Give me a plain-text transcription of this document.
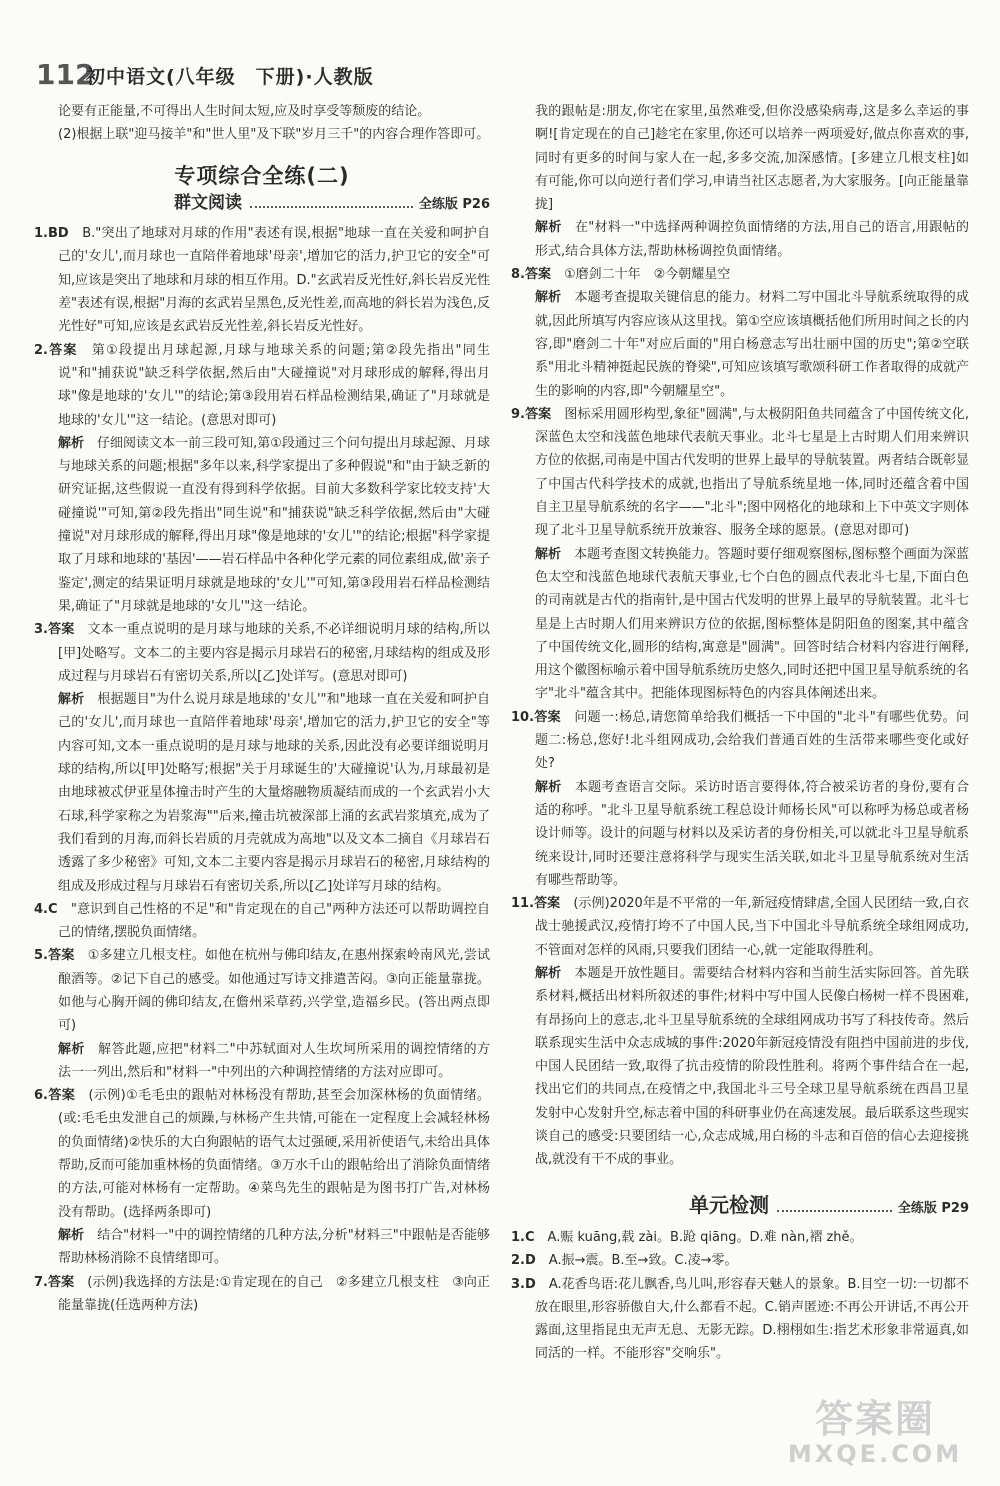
112
初中语文(八年级　下册)·人教版

论要有正能量,不可得出人生时间太短,应及时享受等颓废的结论。

(2)根据上联"迎马接羊"和"世人里"及下联"岁月三千"的内容合理作答即可。

专项综合全练(二)
群文阅读	全练版 P26

1.BD　 B."突出了地球对月球的作用"表述有误,根据"地球一直在关爱和呵护自己的'女儿',而月球也一直陪伴着地球'母亲',增加它的活力,护卫它的安全"可知,应该是突出了地球和月球的相互作用。D."玄武岩反光性好,斜长岩反光性差"表述有误,根据"月海的玄武岩呈黑色,反光性差,而高地的斜长岩为浅色,反光性好"可知,应该是玄武岩反光性差,斜长岩反光性好。

2.答案　 第①段提出月球起源,月球与地球关系的问题;第②段先指出"同生说"和"捕获说"缺乏科学依据,然后由"大碰撞说"对月球形成的解释,得出月球"像是地球的'女儿'"的结论;第③段用岩石样品检测结果,确证了"月球就是地球的'女儿'"这一结论。(意思对即可)

解析　 仔细阅读文本一前三段可知,第①段通过三个问句提出月球起源、月球与地球关系的问题;根据"多年以来,科学家提出了多种假说"和"由于缺乏新的研究证据,这些假说一直没有得到科学依据。目前大多数科学家比较支持'大碰撞说'"可知,第②段先指出"同生说"和"捕获说"缺乏科学依据,然后由"大碰撞说"对月球形成的解释,得出月球"像是地球的'女儿'"的结论;根据"科学家提取了月球和地球的'基因'——岩石样品中各种化学元素的同位素组成,做'亲子鉴定',测定的结果证明月球就是地球的'女儿'"可知,第③段用岩石样品检测结果,确证了"月球就是地球的'女儿'"这一结论。

3.答案　 文本一重点说明的是月球与地球的关系,不必详细说明月球的结构,所以[甲]处略写。文本二的主要内容是揭示月球岩石的秘密,月球结构的组成及形成过程与月球岩石有密切关系,所以[乙]处详写。(意思对即可)

解析　 根据题目"为什么说月球是地球的'女儿'"和"地球一直在关爱和呵护自己的'女儿',而月球也一直陪伴着地球'母亲',增加它的活力,护卫它的安全"等内容可知,文本一重点说明的是月球与地球的关系,因此没有必要详细说明月球的结构,所以[甲]处略写;根据"关于月球诞生的'大碰撞说'认为,月球最初是由地球被忒伊亚星体撞击时产生的大量熔融物质凝结而成的一个玄武岩小大石球,科学家称之为岩浆海""后来,撞击坑被深部上涌的玄武岩浆填充,成为了我们看到的月海,而斜长岩质的月壳就成为高地"以及文本二摘自《月球岩石透露了多少秘密》可知,文本二主要内容是揭示月球岩石的秘密,月球结构的组成及形成过程与月球岩石有密切关系,所以[乙]处详写月球的结构。

4.C　 "意识到自己性格的不足"和"肯定现在的自己"两种方法还可以帮助调控自己的情绪,摆脱负面情绪。

5.答案　 ①多建立几根支柱。如他在杭州与佛印结友,在惠州探索岭南风光,尝试酿酒等。②记下自己的感受。如他通过写诗文排遣苦闷。③向正能量靠拢。如他与心胸开阔的佛印结友,在儋州采草药,兴学堂,造福乡民。(答出两点即可)

解析　 解答此题,应把"材料二"中苏轼面对人生坎坷所采用的调控情绪的方法一一列出,然后和"材料一"中列出的六种调控情绪的方法对应即可。

6.答案　 (示例)①毛毛虫的跟帖对林杨没有帮助,甚至会加深林杨的负面情绪。(或:毛毛虫发泄自己的烦躁,与林杨产生共情,可能在一定程度上会减轻林杨的负面情绪)②快乐的大白狗跟帖的语气太过强硬,采用祈使语气,未给出具体帮助,反而可能加重林杨的负面情绪。③万水千山的跟帖给出了消除负面情绪的方法,可能对林杨有一定帮助。④菜鸟先生的跟帖是为图书打广告,对林杨没有帮助。(选择两条即可)

解析　 结合"材料一"中的调控情绪的几种方法,分析"材料三"中跟帖是否能够帮助林杨消除不良情绪即可。

7.答案　 (示例)我选择的方法是:①肯定现在的自己　②多建立几根支柱　③向正能量靠拢(任选两种方法)

我的跟帖是:朋友,你宅在家里,虽然难受,但你没感染病毒,这是多么幸运的事啊![肯定现在的自己]趁宅在家里,你还可以培养一两项爱好,做点你喜欢的事,同时有更多的时间与家人在一起,多多交流,加深感情。[多建立几根支柱]如有可能,你可以向逆行者们学习,申请当社区志愿者,为大家服务。[向正能量靠拢]

解析　 在"材料一"中选择两种调控负面情绪的方法,用自己的语言,用跟帖的形式,结合具体方法,帮助林杨调控负面情绪。

8.答案　 ①磨剑二十年　②今朝耀星空

解析　 本题考查提取关键信息的能力。材料二写中国北斗导航系统取得的成就,因此所填写内容应该从这里找。第①空应该填概括他们所用时间之长的内容,即"磨剑二十年"对应后面的"用白杨意志写出壮丽中国的历史";第②空联系"用北斗精神挺起民族的脊梁",可知应该填写歌颂科研工作者取得的成就产生的影响的内容,即"今朝耀星空"。

9.答案　 图标采用圆形构型,象征"圆满",与太极阴阳鱼共同蕴含了中国传统文化,深蓝色太空和浅蓝色地球代表航天事业。北斗七星是上古时期人们用来辨识方位的依据,司南是中国古代发明的世界上最早的导航装置。两者结合既彰显了中国古代科学技术的成就,也指出了导航系统星地一体,同时还蕴含着中国自主卫星导航系统的名字——"北斗";图中网格化的地球和上下中英文字则体现了北斗卫星导航系统开放兼容、服务全球的愿景。(意思对即可)

解析　 本题考查图文转换能力。答题时要仔细观察图标,图标整个画面为深蓝色太空和浅蓝色地球代表航天事业,七个白色的圆点代表北斗七星,下面白色的司南就是古代的指南针,是中国古代发明的世界上最早的导航装置。北斗七星是上古时期人们用来辨识方位的依据,图标整体是阴阳鱼的图案,其中蕴含了中国传统文化,圆形的结构,寓意是"圆满"。回答时结合材料内容进行阐释,用这个徽图标喻示着中国导航系统历史悠久,同时还把中国卫星导航系统的名字"北斗"蕴含其中。把能体现图标特色的内容具体阐述出来。

10.答案　 问题一:杨总,请您简单给我们概括一下中国的"北斗"有哪些优势。问题二:杨总,您好!北斗组网成功,会给我们普通百姓的生活带来哪些变化或好处?

解析　 本题考查语言交际。采访时语言要得体,符合被采访者的身份,要有合适的称呼。"北斗卫星导航系统工程总设计师杨长风"可以称呼为杨总或者杨设计师等。设计的问题与材料以及采访者的身份相关,可以就北斗卫星导航系统来设计,同时还要注意将科学与现实生活关联,如北斗卫星导航系统对生活有哪些帮助等。

11.答案　 (示例)2020年是不平常的一年,新冠疫情肆虐,全国人民团结一致,白衣战士驰援武汉,疫情打垮不了中国人民,当下中国北斗导航系统全球组网成功,不管面对怎样的风雨,只要我们团结一心,就一定能取得胜利。

解析　 本题是开放性题目。需要结合材料内容和当前生活实际回答。首先联系材料,概括出材料所叙述的事件;材料中写中国人民像白杨树一样不畏困难,有昂扬向上的意志,北斗卫星导航系统的全球组网成功书写了科技传奇。然后联系现实生活中众志成城的事件:2020年新冠疫情没有阻挡中国前进的步伐,中国人民团结一致,取得了抗击疫情的阶段性胜利。将两个事件结合在一起,找出它们的共同点,在疫情之中,我国北斗三号全球卫星导航系统在西昌卫星发射中心发射升空,标志着中国的科研事业仍在高速发展。最后联系这些现实谈自己的感受:只要团结一心,众志成城,用白杨的斗志和百倍的信心去迎接挑战,就没有干不成的事业。

单元检测	全练版 P29

1.C　 A.赈 kuāng,载 zài。B.跄 qiāng。D.难 nàn,褶 zhě。

2.D　 A.振→震。B.至→致。C.凌→零。

3.D　 A.花香鸟语:花儿飘香,鸟儿叫,形容春天魅人的景象。B.目空一切:一切都不放在眼里,形容骄傲自大,什么都看不起。C.销声匿迹:不再公开讲话,不再公开露面,这里指昆虫无声无息、无影无踪。D.栩栩如生:指艺术形象非常逼真,如同活的一样。不能形容"交响乐"。

答案圈
MXQE.COM
